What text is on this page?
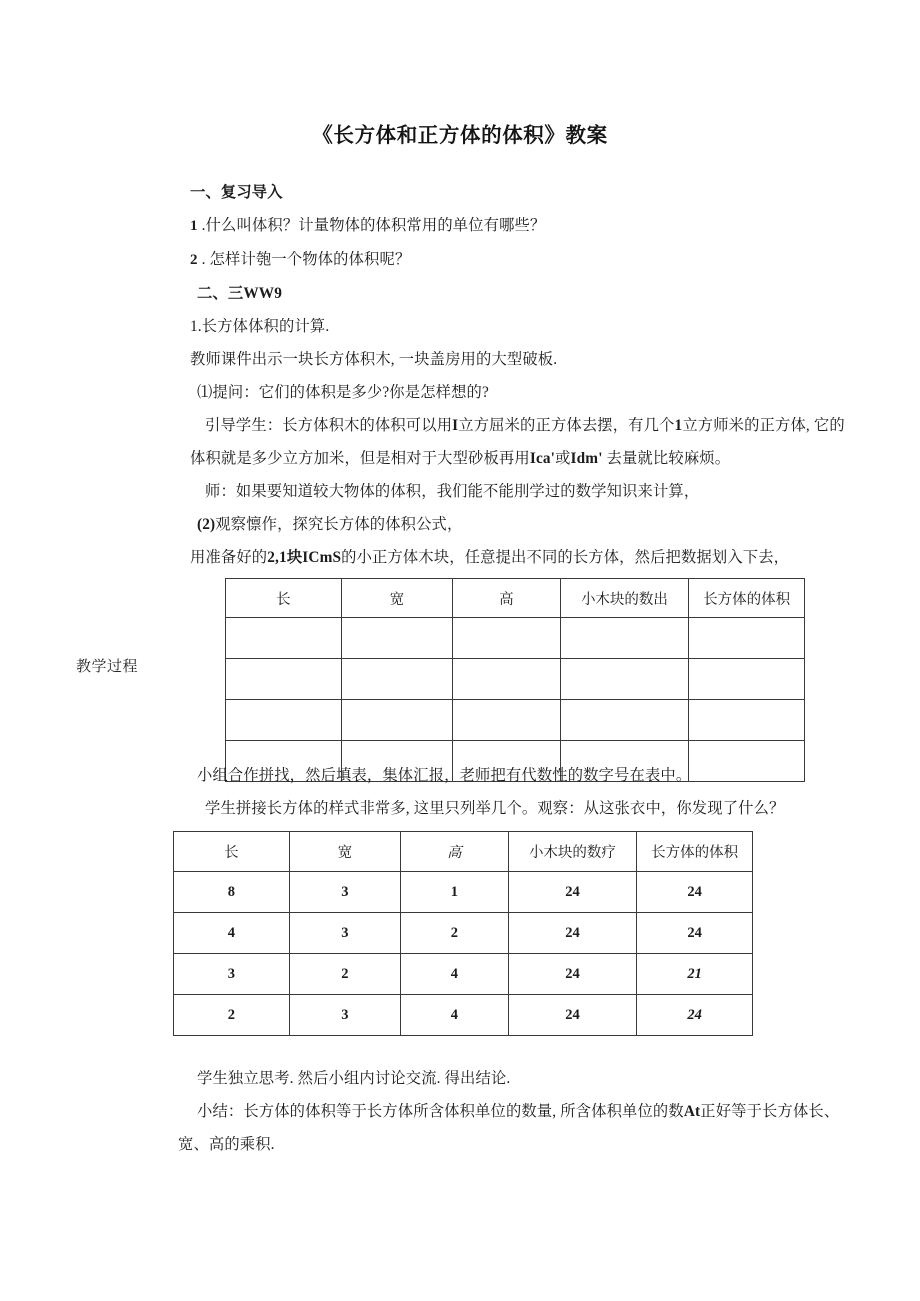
《长方体和正方体的体积》教案
教学过程
一、复习导入
1 .什么叫体积？计量物体的体积常用的单位有哪些？
2 . 怎样计匏一个物体的体积呢？
二、三WW9
1.长方体体积的计算.
教师课件出示一块长方体积木, 一块盖房用的大型破板.
⑴提问：它们的体积是多少?你是怎样想的?
引导学生：长方体积木的体积可以用I立方屈米的正方体去摆，有几个1立方师米的正方体, 它的
体积就是多少立方加米，但是相对于大型砂板再用Ica'或Idm' 去量就比较麻烦。
师：如果要知道较大物体的体积，我们能不能刖学过的数学知识来计算，
(2)观察懔作，探究长方体的体积公式，
用准备好的2,1块ICmS的小正方体木块，任意提出不同的长方体，然后把数据划入下去，
长	宽	高	小木块的数出	长方体的体积

小组合作拼找，然后填表，集体汇报，老师把有代数性的数字号在表中。
学生拼接长方体的样式非常多, 这里只列举几个。观察：从这张衣中，你发现了什么？
长	宽	高	小木块的数疗	长方体的体积
8	3	1	24	24
4	3	2	24	24
3	2	4	24	21
2	3	4	24	24
学生独立思考. 然后小组内讨论交流. 得出结论.
小结：长方体的体积等于长方体所含体积单位的数量, 所含体积单位的数At正好等于长方体长、
宽、高的乘积.
